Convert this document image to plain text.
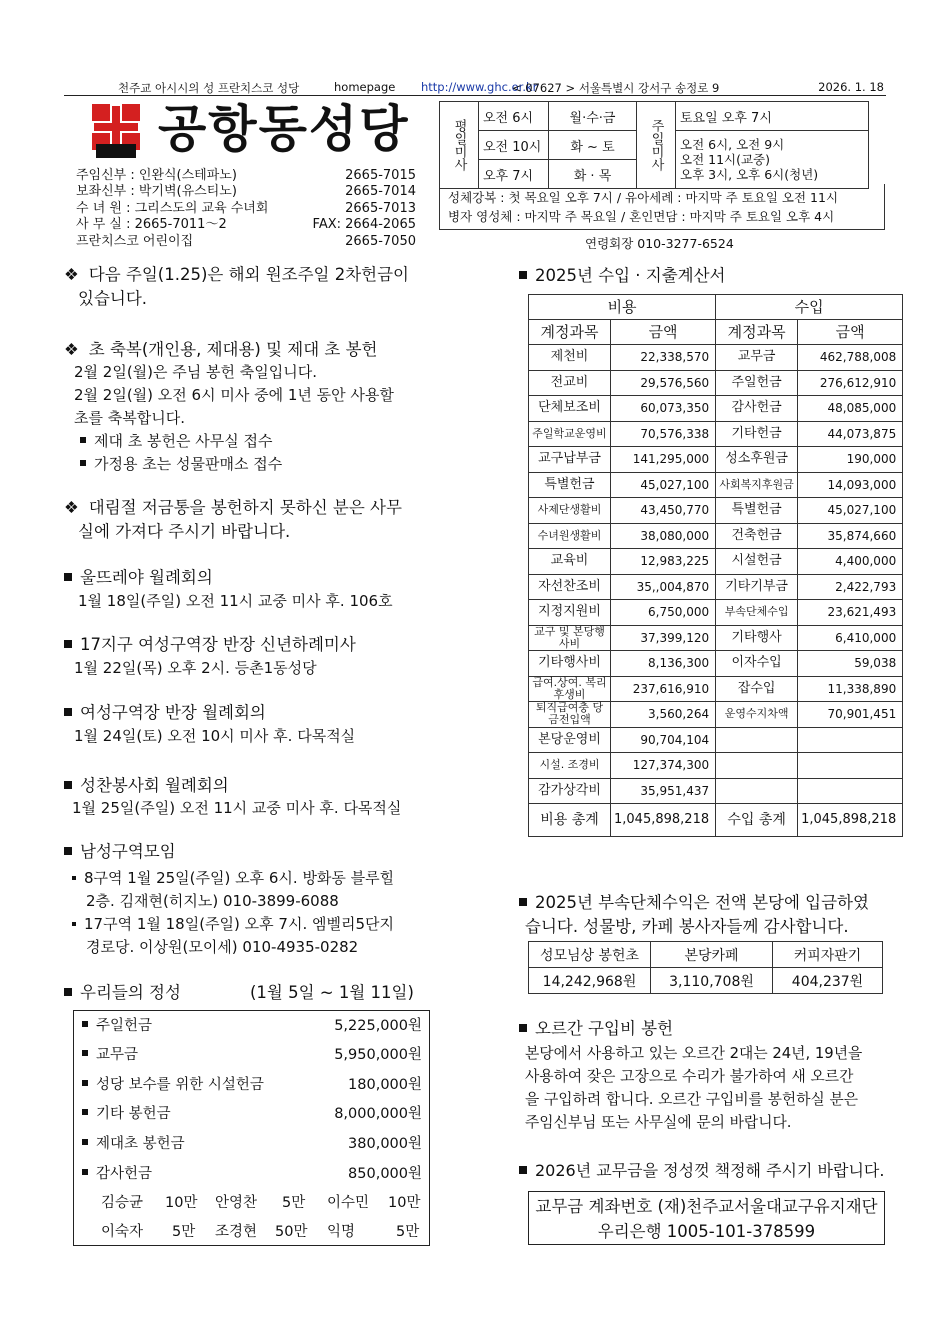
천주교 아시시의 성 프란치스코 성당	homepage http://www.ghc.or.kr
< 07627 > 서울특별시 강서구 송정로 9	2026. 1. 18
공항동성당
주임신부 : 인완식(스테파노)	2665-7015
보좌신부 : 박기벽(유스티노)	2665-7014
수 녀 원 : 그리스도의 교육 수녀회	2665-7013
사 무 실 : 2665-7011～2	FAX: 2664-2065
프란치스코 어린이집	2665-7050
평일미사	오전 6시	월·수·금	주일미사	토요일 오후 7시
	오전 10시	화 ~ 토		오전 6시, 오전 9시
오전 11시(교중)
오후 3시, 오후 6시(청년)

	오후 7시	화 · 목		
성체강복 : 첫 목요일 오후 7시 / 유아세례 : 마지막 주 토요일 오전 11시
병자 영성체 : 마지막 주 목요일 / 혼인면담 : 마지막 주 토요일 오후 4시
연령회장 010-3277-6524
❖ 다음 주일(1.25)은 해외 원조주일 2차헌금이
있습니다.
❖ 초 축복(개인용, 제대용) 및 제대 초 봉헌
2월 2일(월)은 주님 봉헌 축일입니다.
2월 2일(월) 오전 6시 미사 중에 1년 동안 사용할
초를 축복합니다.
제대 초 봉헌은 사무실 접수
가정용 초는 성물판매소 접수
❖ 대림절 저금통을 봉헌하지 못하신 분은 사무
실에 가져다 주시기 바랍니다.
울뜨레야 월례회의
1월 18일(주일) 오전 11시 교중 미사 후. 106호
17지구 여성구역장 반장 신년하례미사
1월 22일(목) 오후 2시. 등촌1동성당
여성구역장 반장 월례회의
1월 24일(토) 오전 10시 미사 후. 다목적실
성찬봉사회 월례회의
1월 25일(주일) 오전 11시 교중 미사 후. 다목적실
남성구역모임
8구역 1월 25일(주일) 오후 6시. 방화동 블루힐
2층. 김재현(히지노) 010-3899-6088
17구역 1월 18일(주일) 오후 7시. 엠벨리5단지
경로당. 이상원(모이세) 010-4935-0282
우리들의 정성	(1월 5일 ~ 1월 11일)
주일헌금	5,225,000원
교무금	5,950,000원
성당 보수를 위한 시설헌금	180,000원
기타 봉헌금	8,000,000원
제대초 봉헌금	380,000원
감사헌금	850,000원
김승균 10만 안영찬 5만 이수민 10만
이숙자 5만 조경현 50만 익명	5만
2025년 수입 · 지출계산서
비용		수입	
계정과목	금액	계정과목	금액
제천비	22,338,570	교무금	462,788,008
전교비	29,576,560	주일헌금	276,612,910
단체보조비	60,073,350	감사헌금	48,085,000
주일학교운영비	70,576,338	기타헌금	44,073,875
교구납부금	141,295,000	성소후원금	190,000
특별헌금	45,027,100	사회복지후원금	14,093,000
사제단생활비	43,450,770	특별헌금	45,027,100
수녀원생활비	38,080,000	건축헌금	35,874,660
교육비	12,983,225	시설헌금	4,400,000
자선찬조비	35,,004,870	기타기부금	2,422,793
지정지원비	6,750,000	부속단체수입	23,621,493
교구 및 본당행사비	37,399,120	기타행사	6,410,000
기타행사비	8,136,300	이자수입	59,038
급여.상여. 복리후생비	237,616,910	잡수입	11,338,890
퇴직급여충 당금전입액	3,560,264	운영수지차액	70,901,451
본당운영비	90,704,104		
시설. 조경비	127,374,300		
감가상각비	35,951,437		
비용 총계	1,045,898,218	수입 총계	1,045,898,218
2025년 부속단체수익은 전액 본당에 입금하였
습니다. 성물방, 카페 봉사자들께 감사합니다.
성모님상 봉헌초	본당카페	커피자판기
14,242,968원	3,110,708원	404,237원
오르간 구입비 봉헌
본당에서 사용하고 있는 오르간 2대는 24년, 19년을
사용하여 잦은 고장으로 수리가 불가하여 새 오르간
을 구입하려 합니다. 오르간 구입비를 봉헌하실 분은
주임신부님 또는 사무실에 문의 바랍니다.
2026년 교무금을 정성껏 책정해 주시기 바랍니다.
교무금 계좌번호 (재)천주교서울대교구유지재단
우리은행 1005-101-378599
